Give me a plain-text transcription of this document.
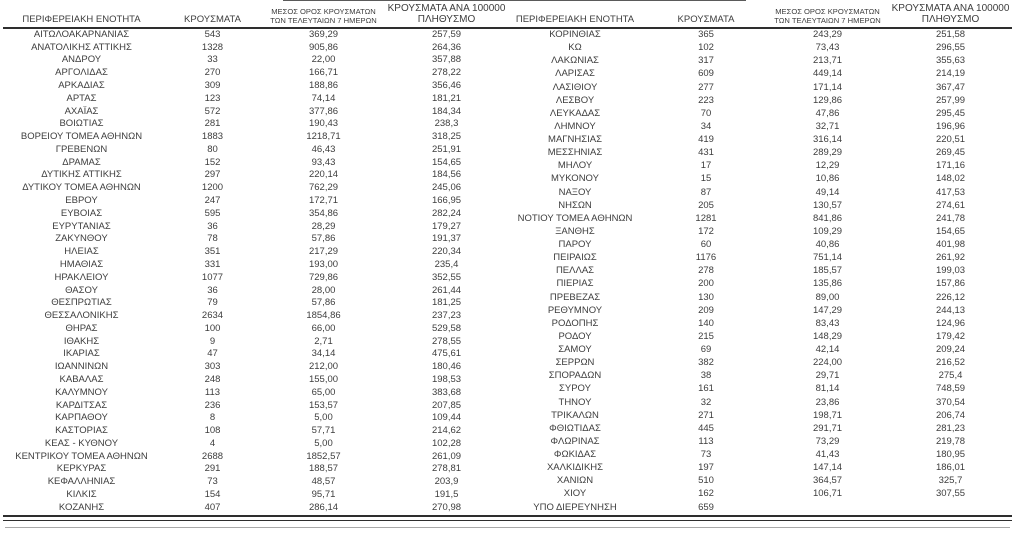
ΠΕΡΙΦΕΡΕΙΑΚΗ ΕΝΟΤΗΤΑ	ΚΡΟΥΣΜΑΤΑ	ΜΕΣΟΣ ΟΡΟΣ ΚΡΟΥΣΜΑΤΩΝ
ΤΩΝ ΤΕΛΕΥΤΑΙΩΝ 7 ΗΜΕΡΩΝ	ΚΡΟΥΣΜΑΤΑ ΑΝΑ 100000
ΠΛΗΘΥΣΜΟ

ΑΙΤΩΛΟΑΚΑΡΝΑΝΙΑΣ	543	369,29	257,59
ΑΝΑΤΟΛΙΚΗΣ ΑΤΤΙΚΗΣ	1328	905,86	264,36
ΑΝΔΡΟΥ	33	22,00	357,88
ΑΡΓΟΛΙΔΑΣ	270	166,71	278,22
ΑΡΚΑΔΙΑΣ	309	188,86	356,46
ΑΡΤΑΣ	123	74,14	181,21
ΑΧΑΪΑΣ	572	377,86	184,34
ΒΟΙΩΤΙΑΣ	281	190,43	238,3
ΒΟΡΕΙΟΥ ΤΟΜΕΑ ΑΘΗΝΩΝ	1883	1218,71	318,25
ΓΡΕΒΕΝΩΝ	80	46,43	251,91
ΔΡΑΜΑΣ	152	93,43	154,65
ΔΥΤΙΚΗΣ ΑΤΤΙΚΗΣ	297	220,14	184,56
ΔΥΤΙΚΟΥ ΤΟΜΕΑ ΑΘΗΝΩΝ	1200	762,29	245,06
ΕΒΡΟΥ	247	172,71	166,95
ΕΥΒΟΙΑΣ	595	354,86	282,24
ΕΥΡΥΤΑΝΙΑΣ	36	28,29	179,27
ΖΑΚΥΝΘΟΥ	78	57,86	191,37
ΗΛΕΙΑΣ	351	217,29	220,34
ΗΜΑΘΙΑΣ	331	193,00	235,4
ΗΡΑΚΛΕΙΟΥ	1077	729,86	352,55
ΘΑΣΟΥ	36	28,00	261,44
ΘΕΣΠΡΩΤΙΑΣ	79	57,86	181,25
ΘΕΣΣΑΛΟΝΙΚΗΣ	2634	1854,86	237,23
ΘΗΡΑΣ	100	66,00	529,58
ΙΘΑΚΗΣ	9	2,71	278,55
ΙΚΑΡΙΑΣ	47	34,14	475,61
ΙΩΑΝΝΙΝΩΝ	303	212,00	180,46
ΚΑΒΑΛΑΣ	248	155,00	198,53
ΚΑΛΥΜΝΟΥ	113	65,00	383,68
ΚΑΡΔΙΤΣΑΣ	236	153,57	207,85
ΚΑΡΠΑΘΟΥ	8	5,00	109,44
ΚΑΣΤΟΡΙΑΣ	108	57,71	214,62
ΚΕΑΣ - ΚΥΘΝΟΥ	4	5,00	102,28
ΚΕΝΤΡΙΚΟΥ ΤΟΜΕΑ ΑΘΗΝΩΝ	2688	1852,57	261,09
ΚΕΡΚΥΡΑΣ	291	188,57	278,81
ΚΕΦΑΛΛΗΝΙΑΣ	73	48,57	203,9
ΚΙΛΚΙΣ	154	95,71	191,5
ΚΟΖΑΝΗΣ	407	286,14	270,98
ΠΕΡΙΦΕΡΕΙΑΚΗ ΕΝΟΤΗΤΑ	ΚΡΟΥΣΜΑΤΑ	ΜΕΣΟΣ ΟΡΟΣ ΚΡΟΥΣΜΑΤΩΝ
ΤΩΝ ΤΕΛΕΥΤΑΙΩΝ 7 ΗΜΕΡΩΝ	ΚΡΟΥΣΜΑΤΑ ΑΝΑ 100000
ΠΛΗΘΥΣΜΟ

ΚΟΡΙΝΘΙΑΣ	365	243,29	251,58
ΚΩ	102	73,43	296,55
ΛΑΚΩΝΙΑΣ	317	213,71	355,63
ΛΑΡΙΣΑΣ	609	449,14	214,19
ΛΑΣΙΘΙΟΥ	277	171,14	367,47
ΛΕΣΒΟΥ	223	129,86	257,99
ΛΕΥΚΑΔΑΣ	70	47,86	295,45
ΛΗΜΝΟΥ	34	32,71	196,96
ΜΑΓΝΗΣΙΑΣ	419	316,14	220,51
ΜΕΣΣΗΝΙΑΣ	431	289,29	269,45
ΜΗΛΟΥ	17	12,29	171,16
ΜΥΚΟΝΟΥ	15	10,86	148,02
ΝΑΞΟΥ	87	49,14	417,53
ΝΗΣΩΝ	205	130,57	274,61
ΝΟΤΙΟΥ ΤΟΜΕΑ ΑΘΗΝΩΝ	1281	841,86	241,78
ΞΑΝΘΗΣ	172	109,29	154,65
ΠΑΡΟΥ	60	40,86	401,98
ΠΕΙΡΑΙΩΣ	1176	751,14	261,92
ΠΕΛΛΑΣ	278	185,57	199,03
ΠΙΕΡΙΑΣ	200	135,86	157,86
ΠΡΕΒΕΖΑΣ	130	89,00	226,12
ΡΕΘΥΜΝΟΥ	209	147,29	244,13
ΡΟΔΟΠΗΣ	140	83,43	124,96
ΡΟΔΟΥ	215	148,29	179,42
ΣΑΜΟΥ	69	42,14	209,24
ΣΕΡΡΩΝ	382	224,00	216,52
ΣΠΟΡΑΔΩΝ	38	29,71	275,4
ΣΥΡΟΥ	161	81,14	748,59
ΤΗΝΟΥ	32	23,86	370,54
ΤΡΙΚΑΛΩΝ	271	198,71	206,74
ΦΘΙΩΤΙΔΑΣ	445	291,71	281,23
ΦΛΩΡΙΝΑΣ	113	73,29	219,78
ΦΩΚΙΔΑΣ	73	41,43	180,95
ΧΑΛΚΙΔΙΚΗΣ	197	147,14	186,01
ΧΑΝΙΩΝ	510	364,57	325,7
ΧΙΟΥ	162	106,71	307,55
ΥΠΟ ΔΙΕΡΕΥΝΗΣΗ	659		
